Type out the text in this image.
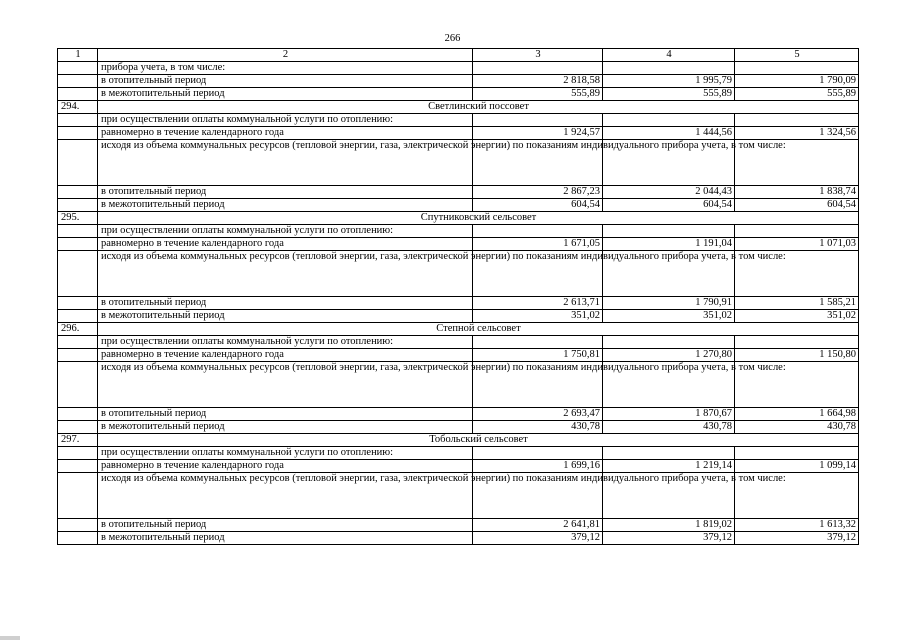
266
1	2	3	4	5
	прибора учета, в том числе:			
	в отопительный период	2 818,58	1 995,79	1 790,09
	в межотопительный период	555,89	555,89	555,89
294.	Светлинский поссовет			
	при осуществлении оплаты коммунальной услуги по отоплению:			
	равномерно в течение календарного года	1 924,57	1 444,56	1 324,56
	исходя из объема коммунальных ресурсов (тепловой энергии, газа, электрической энергии) по показаниям индивидуального прибора учета, в том числе:			
	в отопительный период	2 867,23	2 044,43	1 838,74
	в межотопительный период	604,54	604,54	604,54
295.	Спутниковский сельсовет			
	при осуществлении оплаты коммунальной услуги по отоплению:			
	равномерно в течение календарного года	1 671,05	1 191,04	1 071,03
	исходя из объема коммунальных ресурсов (тепловой энергии, газа, электрической энергии) по показаниям индивидуального прибора учета, в том числе:			
	в отопительный период	2 613,71	1 790,91	1 585,21
	в межотопительный период	351,02	351,02	351,02
296.	Степной сельсовет			
	при осуществлении оплаты коммунальной услуги по отоплению:			
	равномерно в течение календарного года	1 750,81	1 270,80	1 150,80
	исходя из объема коммунальных ресурсов (тепловой энергии, газа, электрической энергии) по показаниям индивидуального прибора учета, в том числе:			
	в отопительный период	2 693,47	1 870,67	1 664,98
	в межотопительный период	430,78	430,78	430,78
297.	Тобольский сельсовет			
	при осуществлении оплаты коммунальной услуги по отоплению:			
	равномерно в течение календарного года	1 699,16	1 219,14	1 099,14
	исходя из объема коммунальных ресурсов (тепловой энергии, газа, электрической энергии) по показаниям индивидуального прибора учета, в том числе:			
	в отопительный период	2 641,81	1 819,02	1 613,32
	в межотопительный период	379,12	379,12	379,12
